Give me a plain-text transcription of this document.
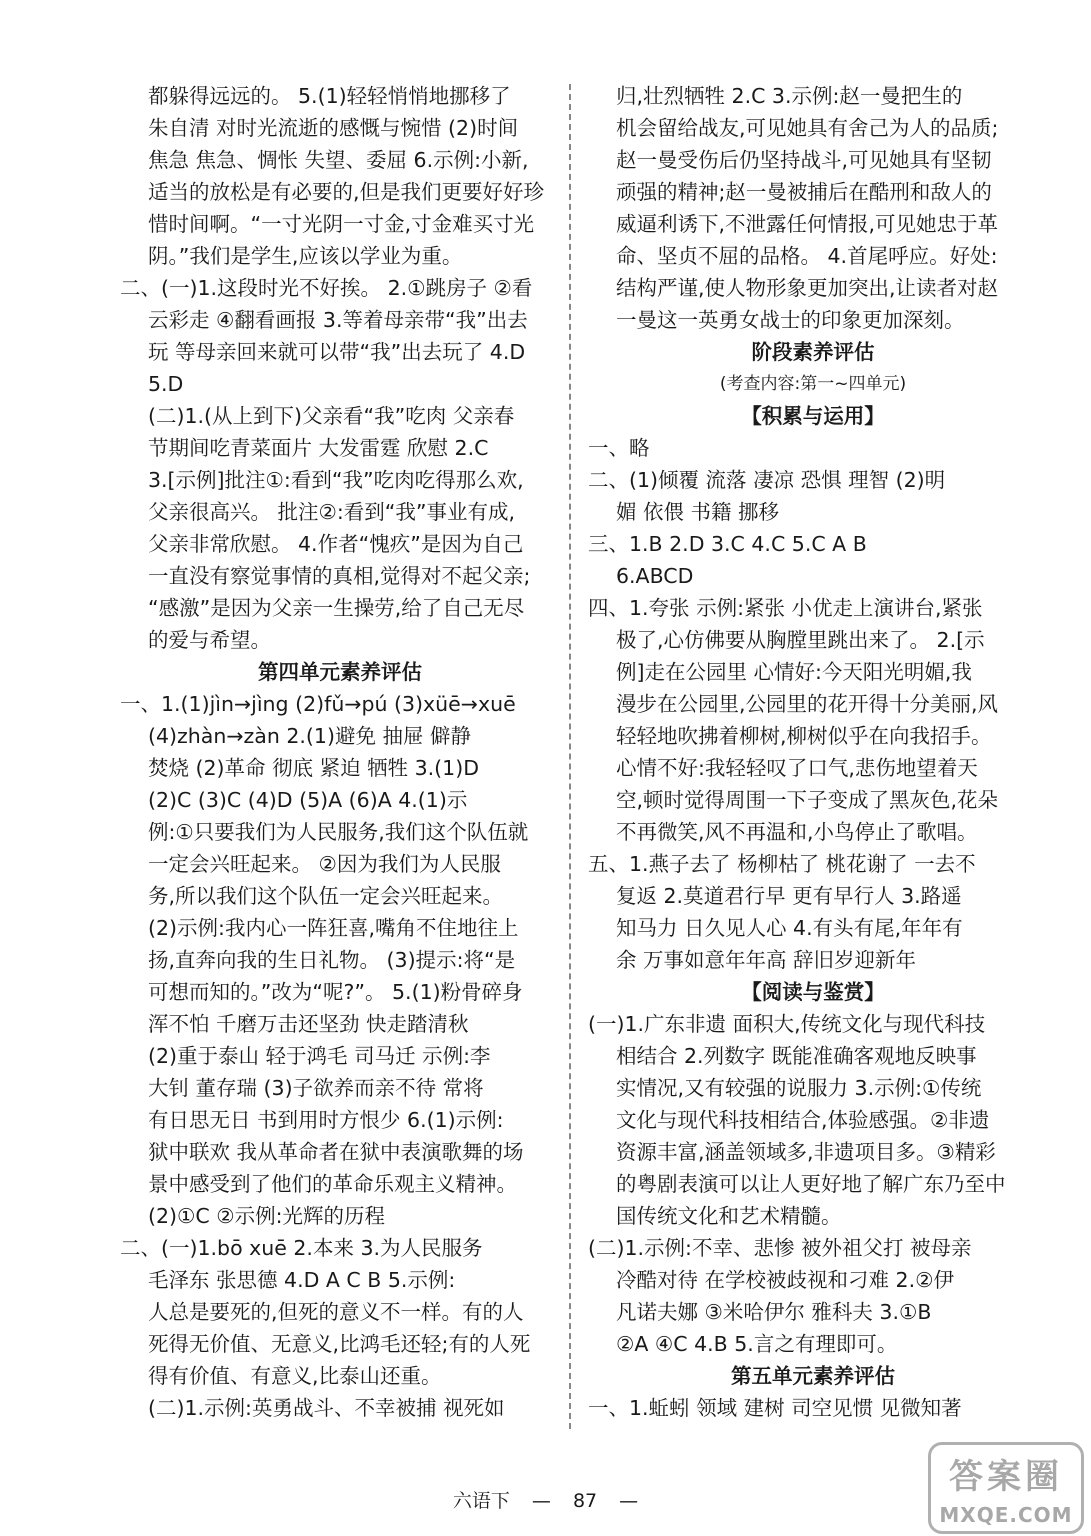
都躲得远远的。 5.(1)轻轻悄悄地挪移了
朱自清 对时光流逝的感慨与惋惜 (2)时间
焦急 焦急、惆怅 失望、委屈 6.示例:小新,
适当的放松是有必要的,但是我们更要好好珍
惜时间啊。“一寸光阴一寸金,寸金难买寸光
阴。”我们是学生,应该以学业为重。
二、(一)1.这段时光不好挨。 2.①跳房子 ②看
云彩走 ④翻看画报 3.等着母亲带“我”出去
玩 等母亲回来就可以带“我”出去玩了 4.D
5.D
(二)1.(从上到下)父亲看“我”吃肉 父亲春
节期间吃青菜面片 大发雷霆 欣慰 2.C
3.[示例]批注①:看到“我”吃肉吃得那么欢,
父亲很高兴。 批注②:看到“我”事业有成,
父亲非常欣慰。 4.作者“愧疚”是因为自己
一直没有察觉事情的真相,觉得对不起父亲;
“感激”是因为父亲一生操劳,给了自己无尽
的爱与希望。
第四单元素养评估
一、1.(1)jìn→jìng (2)fǔ→pú (3)xüē→xuē
(4)zhàn→zàn 2.(1)避免 抽屉 僻静
焚烧 (2)革命 彻底 紧迫 牺牲 3.(1)D
(2)C (3)C (4)D (5)A (6)A 4.(1)示
例:①只要我们为人民服务,我们这个队伍就
一定会兴旺起来。 ②因为我们为人民服
务,所以我们这个队伍一定会兴旺起来。
(2)示例:我内心一阵狂喜,嘴角不住地往上
扬,直奔向我的生日礼物。 (3)提示:将“是
可想而知的。”改为“呢?”。 5.(1)粉骨碎身
浑不怕 千磨万击还坚劲 快走踏清秋
(2)重于泰山 轻于鸿毛 司马迁 示例:李
大钊 董存瑞 (3)子欲养而亲不待 常将
有日思无日 书到用时方恨少 6.(1)示例:
狱中联欢 我从革命者在狱中表演歌舞的场
景中感受到了他们的革命乐观主义精神。
(2)①C ②示例:光辉的历程
二、(一)1.bō xuē 2.本来 3.为人民服务
毛泽东 张思德 4.D A C B 5.示例:
人总是要死的,但死的意义不一样。有的人
死得无价值、无意义,比鸿毛还轻;有的人死
得有价值、有意义,比泰山还重。
(二)1.示例:英勇战斗、不幸被捕 视死如
归,壮烈牺牲 2.C 3.示例:赵一曼把生的
机会留给战友,可见她具有舍己为人的品质;
赵一曼受伤后仍坚持战斗,可见她具有坚韧
顽强的精神;赵一曼被捕后在酷刑和敌人的
威逼利诱下,不泄露任何情报,可见她忠于革
命、坚贞不屈的品格。 4.首尾呼应。好处:
结构严谨,使人物形象更加突出,让读者对赵
一曼这一英勇女战士的印象更加深刻。
阶段素养评估
(考查内容:第一~四单元)
【积累与运用】
一、略
二、(1)倾覆 流落 凄凉 恐惧 理智 (2)明
媚 依偎 书籍 挪移
三、1.B 2.D 3.C 4.C 5.C A B
6.ABCD
四、1.夸张 示例:紧张 小优走上演讲台,紧张
极了,心仿佛要从胸膛里跳出来了。 2.[示
例]走在公园里 心情好:今天阳光明媚,我
漫步在公园里,公园里的花开得十分美丽,风
轻轻地吹拂着柳树,柳树似乎在向我招手。
心情不好:我轻轻叹了口气,悲伤地望着天
空,顿时觉得周围一下子变成了黑灰色,花朵
不再微笑,风不再温和,小鸟停止了歌唱。
五、1.燕子去了 杨柳枯了 桃花谢了 一去不
复返 2.莫道君行早 更有早行人 3.路遥
知马力 日久见人心 4.有头有尾,年年有
余 万事如意年年高 辞旧岁迎新年
【阅读与鉴赏】
(一)1.广东非遗 面积大,传统文化与现代科技
相结合 2.列数字 既能准确客观地反映事
实情况,又有较强的说服力 3.示例:①传统
文化与现代科技相结合,体验感强。②非遗
资源丰富,涵盖领域多,非遗项目多。③精彩
的粤剧表演可以让人更好地了解广东乃至中
国传统文化和艺术精髓。
(二)1.示例:不幸、悲惨 被外祖父打 被母亲
冷酷对待 在学校被歧视和刁难 2.②伊
凡诺夫娜 ③米哈伊尔 雅科夫 3.①B
②A ④C 4.B 5.言之有理即可。
第五单元素养评估
一、1.蚯蚓 领域 建树 司空见惯 见微知著
六语下 — 87 —
答案圈
MXQE.COM
